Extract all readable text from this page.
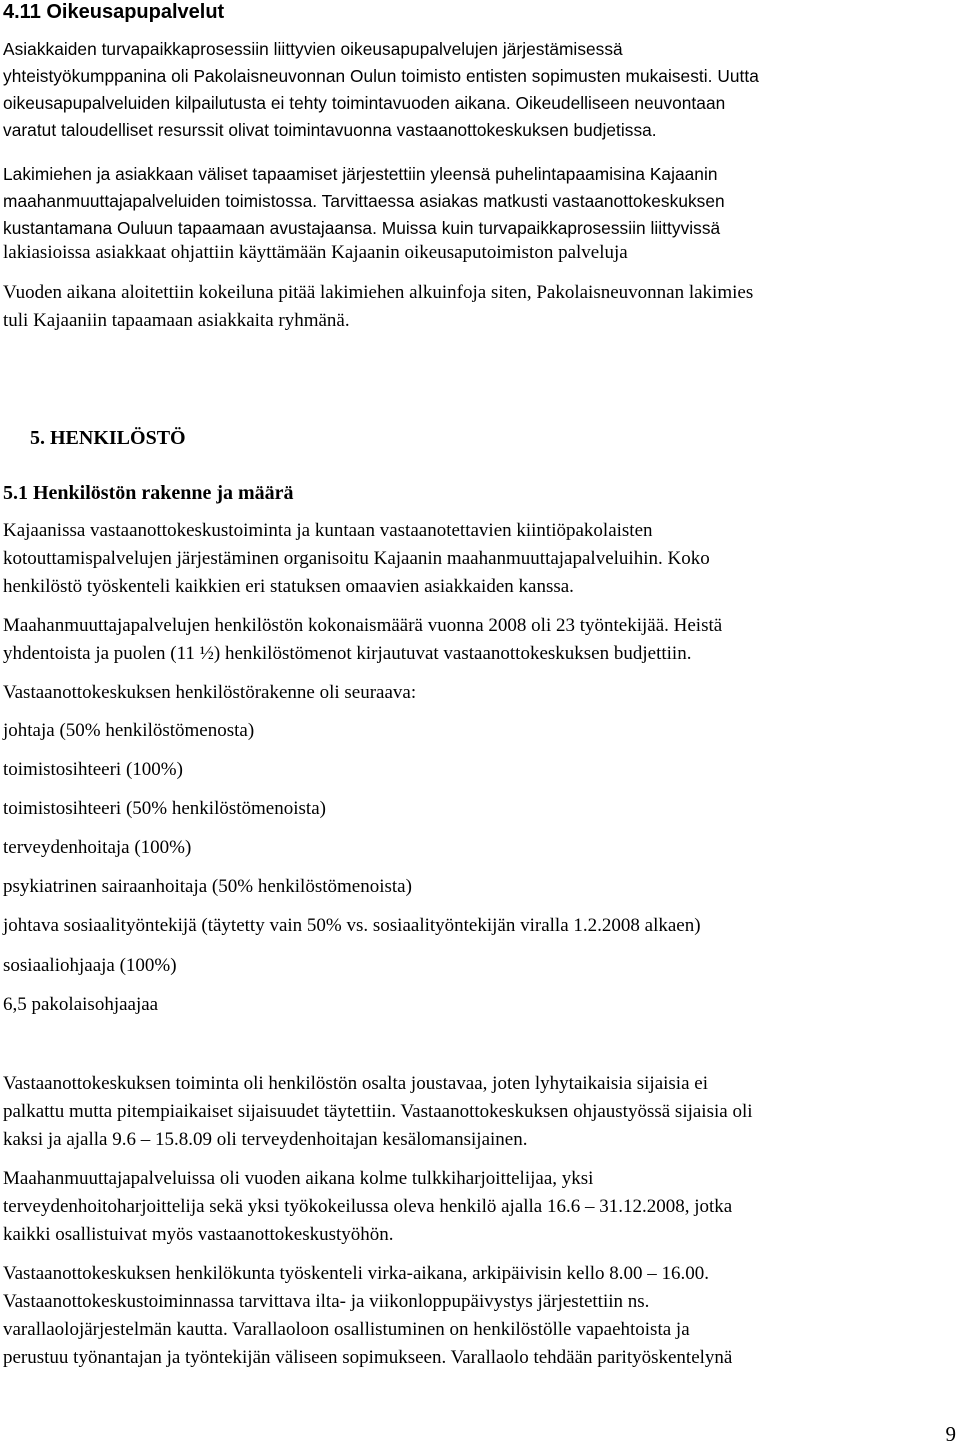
4.11 Oikeusapupalvelut
Asiakkaiden turvapaikkaprosessiin liittyvien oikeusapupalvelujen järjestämisessä
yhteistyökumppanina oli Pakolaisneuvonnan Oulun toimisto entisten sopimusten mukaisesti. Uutta
oikeusapupalveluiden kilpailutusta ei tehty toimintavuoden aikana. Oikeudelliseen neuvontaan
varatut taloudelliset resurssit olivat toimintavuonna vastaanottokeskuksen budjetissa.
Lakimiehen ja asiakkaan väliset tapaamiset järjestettiin yleensä puhelintapaamisina Kajaanin
maahanmuuttajapalveluiden toimistossa. Tarvittaessa asiakas matkusti vastaanottokeskuksen
kustantamana Ouluun tapaamaan avustajaansa. Muissa kuin turvapaikkaprosessiin liittyvissä
lakiasioissa asiakkaat ohjattiin käyttämään Kajaanin oikeusaputoimiston palveluja
Vuoden aikana aloitettiin kokeiluna pitää lakimiehen alkuinfoja siten, Pakolaisneuvonnan lakimies
tuli Kajaaniin tapaamaan asiakkaita ryhmänä.
5. HENKILÖSTÖ
5.1 Henkilöstön rakenne ja määrä
Kajaanissa vastaanottokeskustoiminta ja kuntaan vastaanotettavien kiintiöpakolaisten
kotouttamispalvelujen järjestäminen organisoitu Kajaanin maahanmuuttajapalveluihin. Koko
henkilöstö työskenteli kaikkien eri statuksen omaavien asiakkaiden kanssa.
Maahanmuuttajapalvelujen henkilöstön kokonaismäärä vuonna 2008 oli 23 työntekijää. Heistä
yhdentoista ja puolen (11 ½) henkilöstömenot kirjautuvat vastaanottokeskuksen budjettiin.
Vastaanottokeskuksen henkilöstörakenne oli seuraava:
johtaja (50% henkilöstömenosta)
toimistosihteeri (100%)
toimistosihteeri (50% henkilöstömenoista)
terveydenhoitaja (100%)
psykiatrinen sairaanhoitaja (50% henkilöstömenoista)
johtava sosiaalityöntekijä (täytetty vain 50% vs. sosiaalityöntekijän viralla 1.2.2008 alkaen)
sosiaaliohjaaja (100%)
6,5 pakolaisohjaajaa
Vastaanottokeskuksen toiminta oli henkilöstön osalta joustavaa, joten lyhytaikaisia sijaisia ei
palkattu mutta pitempiaikaiset sijaisuudet täytettiin. Vastaanottokeskuksen ohjaustyössä sijaisia oli
kaksi ja ajalla 9.6 – 15.8.09 oli terveydenhoitajan kesälomansijainen.
Maahanmuuttajapalveluissa oli vuoden aikana kolme tulkkiharjoittelijaa, yksi
terveydenhoitoharjoittelija sekä yksi työkokeilussa oleva henkilö ajalla 16.6 – 31.12.2008, jotka
kaikki osallistuivat myös vastaanottokeskustyöhön.
Vastaanottokeskuksen henkilökunta työskenteli virka-aikana, arkipäivisin kello 8.00 – 16.00.
Vastaanottokeskustoiminnassa tarvittava ilta- ja viikonloppupäivystys järjestettiin ns.
varallaolojärjestelmän kautta. Varallaoloon osallistuminen on henkilöstölle vapaehtoista ja
perustuu työnantajan ja työntekijän väliseen sopimukseen. Varallaolo tehdään parityöskentelynä
9
